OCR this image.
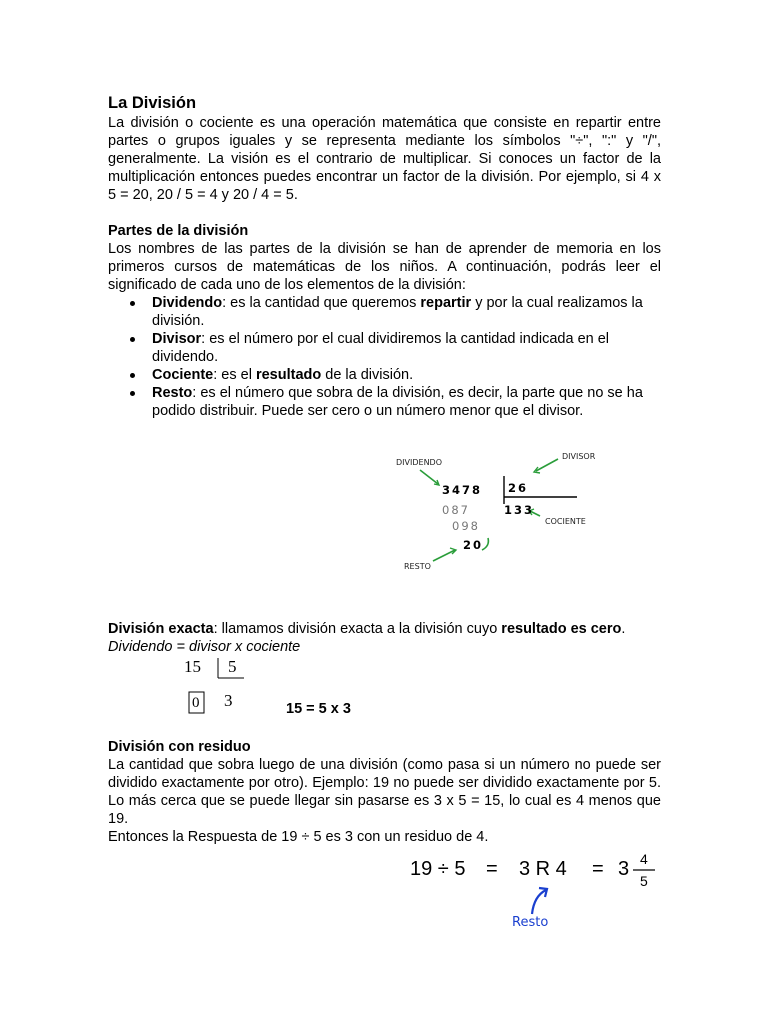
La División

La división o cociente es una operación matemática que consiste en repartir entre partes o grupos iguales y se representa mediante los símbolos "÷", ":" y "/", generalmente. La visión es el contrario de multiplicar. Si conoces un factor de la multiplicación entonces puedes encontrar un factor de la división. Por ejemplo, si 4 x 5 = 20, 20 / 5 = 4 y 20 / 4 = 5.

Partes de la división

Los nombres de las partes de la división se han de aprender de memoria en los primeros cursos de matemáticas de los niños. A continuación, podrás leer el significado de cada uno de los elementos de la división:

Dividendo: es la cantidad que queremos repartir y por la cual realizamos la división.
Divisor: es el número por el cual dividiremos la cantidad indicada en el dividendo.
Cociente: es el resultado de la división.
Resto: es el número que sobra de la división, es decir, la parte que no se ha podido distribuir. Puede ser cero o un número menor que el divisor.
DIVIDENDO
DIVISOR
COCIENTE
RESTO
3478 26
133
087
098
20
División exacta: llamamos división exacta a la división cuyo resultado es cero.
Dividendo = divisor x cociente
15 5
0 3	15 = 5 x 3
División con residuo

La cantidad que sobra luego de una división (como pasa si un número no puede ser dividido exactamente por otro). Ejemplo: 19 no puede ser dividido exactamente por 5. Lo más cerca que se puede llegar sin pasarse es 3 x 5 = 15, lo cual es 4 menos que 19.

Entonces la Respuesta de 19 ÷ 5 es 3 con un residuo de 4.
19 ÷ 5 = 3 R 4 = 3 4
5
Resto
